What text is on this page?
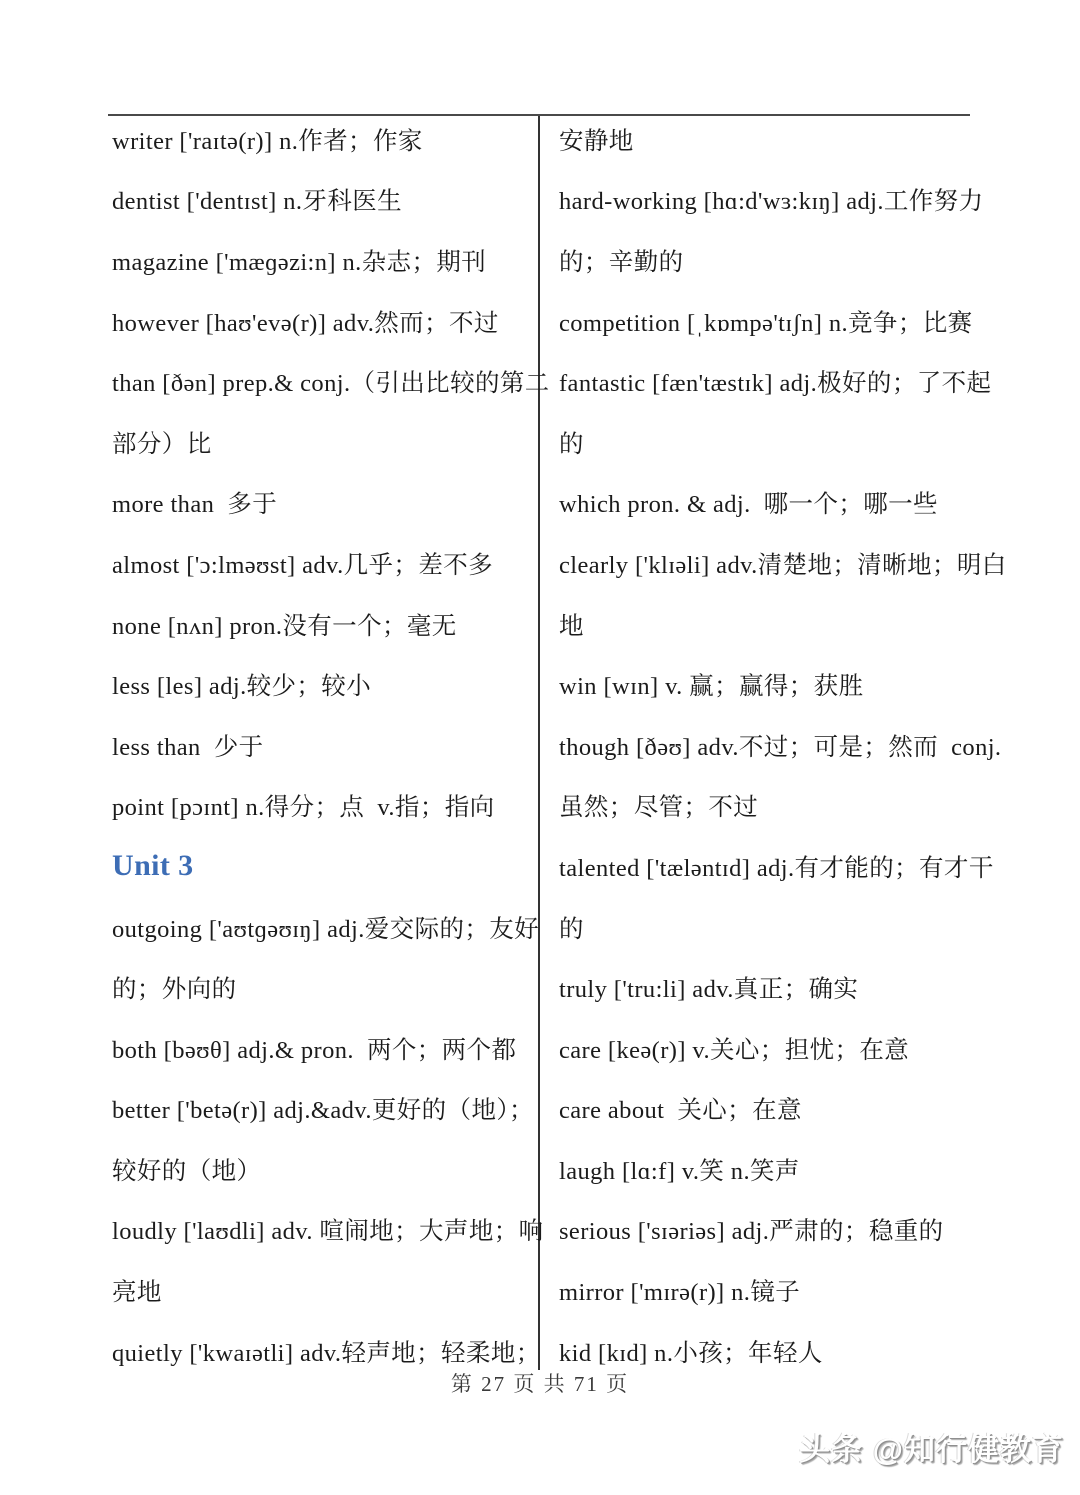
writer ['raɪtə(r)] n.作者；作家
dentist ['dentɪst] n.牙科医生
magazine ['mæɡəzi:n] n.杂志；期刊
however [haʊ'evə(r)] adv.然而；不过
than [ðən] prep.& conj.（引出比较的第二
部分）比
more than  多于
almost ['ɔ:lməʊst] adv.几乎；差不多
none [nʌn] pron.没有一个；毫无
less [les] adj.较少；较小
less than  少于
point [pɔɪnt] n.得分；点  v.指；指向
Unit 3
outgoing ['aʊtɡəʊɪŋ] adj.爱交际的；友好
的；外向的
both [bəʊθ] adj.& pron.  两个；两个都
better ['betə(r)] adj.&adv.更好的（地）；
较好的（地）
loudly ['laʊdli] adv. 喧闹地；大声地；响
亮地
quietly ['kwaɪətli] adv.轻声地；轻柔地；
安静地
hard-working [hɑ:d'wɜ:kɪŋ] adj.工作努力
的；辛勤的
competition [ˌkɒmpə'tɪʃn] n.竞争；比赛
fantastic [fæn'tæstɪk] adj.极好的；了不起
的
which pron. & adj.  哪一个；哪一些
clearly ['klɪəli] adv.清楚地；清晰地；明白
地
win [wɪn] v. 赢；赢得；获胜
though [ðəʊ] adv.不过；可是；然而  conj.
虽然；尽管；不过
talented ['tæləntɪd] adj.有才能的；有才干
的
truly ['tru:li] adv.真正；确实
care [keə(r)] v.关心；担忧；在意
care about  关心；在意
laugh [lɑ:f] v.笑 n.笑声
serious ['sɪəriəs] adj.严肃的；稳重的
mirror ['mɪrə(r)] n.镜子
kid [kɪd] n.小孩；年轻人
第 27 页 共 71 页
头条 @知行健教育
